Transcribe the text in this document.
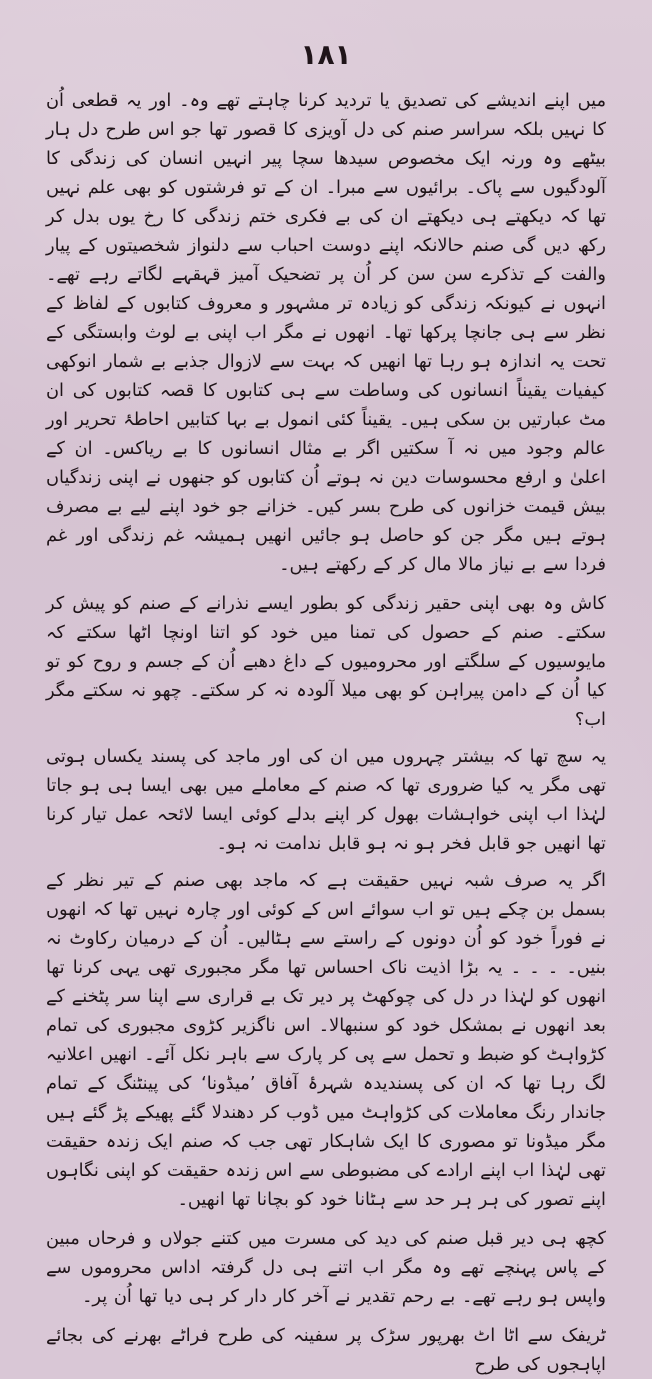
۱۸۱

میں اپنے اندیشے کی تصدیق یا تردید کرنا چاہتے تھے وہ۔ اور یہ قطعی اُن کا نہیں بلکہ سراسر صنم کی دل آویزی کا قصور تھا جو اس طرح دل ہار بیٹھے وہ ورنہ ایک مخصوص سیدھا سچا پیر انہیں انسان کی زندگی کا آلودگیوں سے پاک۔ برائیوں سے مبرا۔ ان کے تو فرشتوں کو بھی علم نہیں تھا کہ دیکھتے ہی دیکھتے ان کی بے فکری ختم زندگی کا رخ یوں بدل کر رکھ دیں گی صنم حالانکہ اپنے دوست احباب سے دلنواز شخصیتوں کے پیار والفت کے تذکرے سن سن کر اُن پر تضحیک آمیز قہقہے لگاتے رہے تھے۔ انہوں نے کیونکہ زندگی کو زیادہ تر مشہور و معروف کتابوں کے لفاظ کے نظر سے ہی جانچا پرکھا تھا۔ انھوں نے مگر اب اپنی بے لوث وابستگی کے تحت یہ اندازہ ہو رہا تھا انھیں کہ بہت سے لازوال جذبے بے شمار انوکھی کیفیات یقیناً انسانوں کی وساطت سے ہی کتابوں کا قصہ کتابوں کی ان مٹ عبارتیں بن سکی ہیں۔ یقیناً کئی انمول بے بہا کتابیں احاطۂ تحریر اور عالم وجود میں نہ آ سکتیں اگر بے مثال انسانوں کا بے ریاکس۔ ان کے اعلیٰ و ارفع محسوسات دین نہ ہوتے اُن کتابوں کو جنھوں نے اپنی زندگیاں بیش قیمت خزانوں کی طرح بسر کیں۔ خزانے جو خود اپنے لیے بے مصرف ہوتے ہیں مگر جن کو حاصل ہو جائیں انھیں ہمیشہ غم زندگی اور غم فردا سے بے نیاز مالا مال کر کے رکھتے ہیں۔

کاش وہ بھی اپنی حقیر زندگی کو بطور ایسے نذرانے کے صنم کو پیش کر سکتے۔ صنم کے حصول کی تمنا میں خود کو اتنا اونچا اٹھا سکتے کہ مایوسیوں کے سلگتے اور محرومیوں کے داغ دھبے اُن کے جسم و روح کو تو کیا اُن کے دامن پیراہن کو بھی میلا آلودہ نہ کر سکتے۔ چھو نہ سکتے مگر اب؟

یہ سچ تھا کہ بیشتر چہروں میں ان کی اور ماجد کی پسند یکساں ہوتی تھی مگر یہ کیا ضروری تھا کہ صنم کے معاملے میں بھی ایسا ہی ہو جاتا لہٰذا اب اپنی خواہشات بھول کر اپنے بدلے کوئی ایسا لائحہ عمل تیار کرنا تھا انھیں جو قابل فخر ہو نہ ہو قابل ندامت نہ ہو۔

اگر یہ صرف شبہ نہیں حقیقت ہے کہ ماجد بھی صنم کے تیر نظر کے بسمل بن چکے ہیں تو اب سوائے اس کے کوئی اور چارہ نہیں تھا کہ انھوں نے فوراً خود کو اُن دونوں کے راستے سے ہٹالیں۔ اُن کے درمیان رکاوٹ نہ بنیں۔ ۔ ۔ ۔ یہ بڑا اذیت ناک احساس تھا مگر مجبوری تھی یہی کرنا تھا انھوں کو لہٰذا در دل کی چوکھٹ پر دیر تک بے قراری سے اپنا سر پٹخنے کے بعد انھوں نے بمشکل خود کو سنبھالا۔ اس ناگزیر کڑوی مجبوری کی تمام کڑواہٹ کو ضبط و تحمل سے پی کر پارک سے باہر نکل آئے۔ انھیں اعلانیہ لگ رہا تھا کہ ان کی پسندیدہ شہرۂ آفاق ’میڈونا‘ کی پینٹنگ کے تمام جاندار رنگ معاملات کی کڑواہٹ میں ڈوب کر دھندلا گئے پھیکے پڑ گئے ہیں مگر میڈونا تو مصوری کا ایک شاہکار تھی جب کہ صنم ایک زندہ حقیقت تھی لہٰذا اب اپنے ارادے کی مضبوطی سے اس زندہ حقیقت کو اپنی نگاہوں اپنے تصور کی ہر ہر حد سے ہٹانا خود کو بچانا تھا انھیں۔

کچھ ہی دیر قبل صنم کی دید کی مسرت میں کتنے جولاں و فرحاں مبین کے پاس پہنچے تھے وہ مگر اب اتنے ہی دل گرفتہ اداس محروموں سے واپس ہو رہے تھے۔ بے رحم تقدیر نے آخر کار دار کر ہی دیا تھا اُن پر۔

ٹریفک سے اٹا اٹ بھرپور سڑک پر سفینہ کی طرح فراٹے بھرنے کی بجائے اپاہجوں کی طرح
